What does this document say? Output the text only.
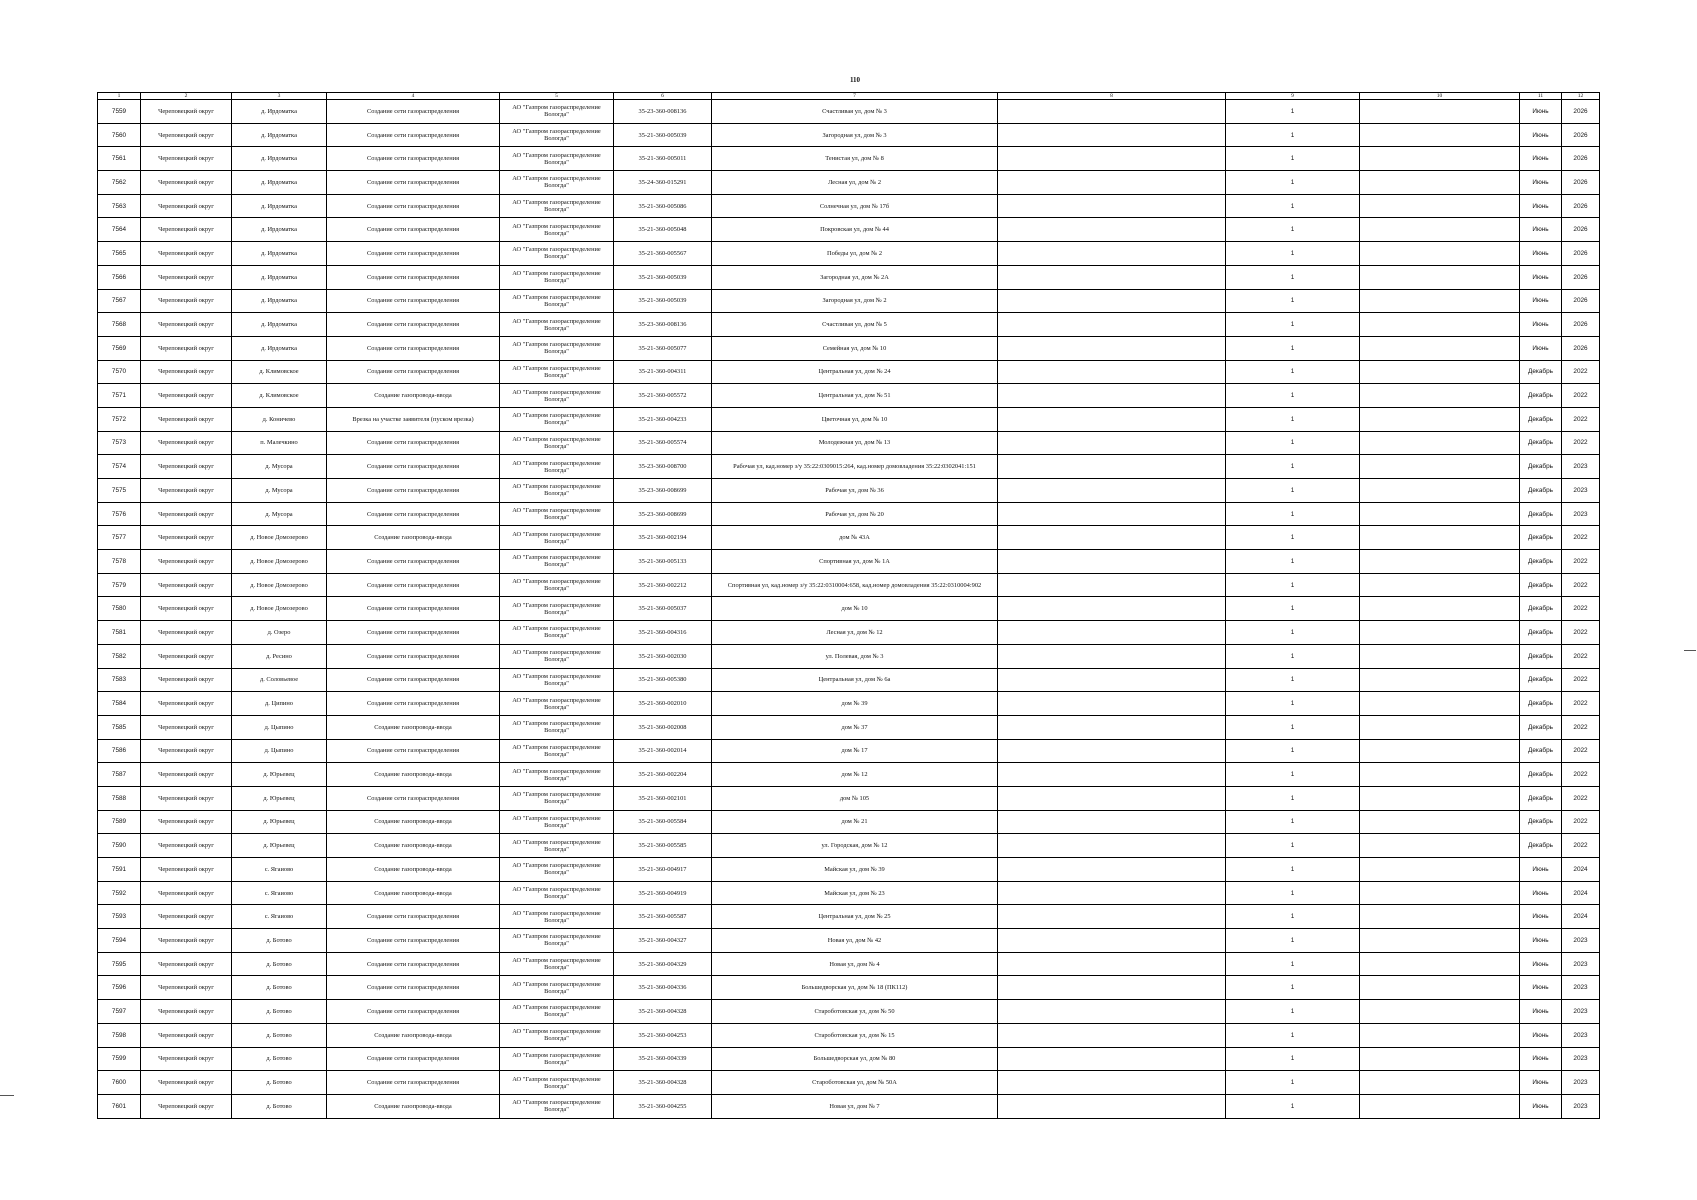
110
1	2	3	4	5	6	7	8	9	10	11	12
7559	Череповецкий округ	д. Ирдоматка	Создание сети газораспределения	АО "Газпром газораспределение Вологда"	35-23-360-008136	Счастливая ул, дом № 3		1		Июнь	2026
7560	Череповецкий округ	д. Ирдоматка	Создание сети газораспределения	АО "Газпром газораспределение Вологда"	35-21-360-005039	Загородная ул, дом № 3		1		Июнь	2026
7561	Череповецкий округ	д. Ирдоматка	Создание сети газораспределения	АО "Газпром газораспределение Вологда"	35-21-360-005011	Тенистая ул, дом № 8		1		Июнь	2026
7562	Череповецкий округ	д. Ирдоматка	Создание сети газораспределения	АО "Газпром газораспределение Вологда"	35-24-360-015291	Лесная ул, дом № 2		1		Июнь	2026
7563	Череповецкий округ	д. Ирдоматка	Создание сети газораспределения	АО "Газпром газораспределение Вологда"	35-21-360-005086	Солнечная ул, дом № 17б		1		Июнь	2026
7564	Череповецкий округ	д. Ирдоматка	Создание сети газораспределения	АО "Газпром газораспределение Вологда"	35-21-360-005048	Покровская ул, дом № 44		1		Июнь	2026
7565	Череповецкий округ	д. Ирдоматка	Создание сети газораспределения	АО "Газпром газораспределение Вологда"	35-21-360-005567	Победы ул, дом № 2		1		Июнь	2026
7566	Череповецкий округ	д. Ирдоматка	Создание сети газораспределения	АО "Газпром газораспределение Вологда"	35-21-360-005039	Загородная ул, дом № 2А		1		Июнь	2026
7567	Череповецкий округ	д. Ирдоматка	Создание сети газораспределения	АО "Газпром газораспределение Вологда"	35-21-360-005039	Загородная ул, дом № 2		1		Июнь	2026
7568	Череповецкий округ	д. Ирдоматка	Создание сети газораспределения	АО "Газпром газораспределение Вологда"	35-23-360-008136	Счастливая ул, дом № 5		1		Июнь	2026
7569	Череповецкий округ	д. Ирдоматка	Создание сети газораспределения	АО "Газпром газораспределение Вологда"	35-21-360-005077	Семейная ул, дом № 10		1		Июнь	2026
7570	Череповецкий округ	д. Климовское	Создание сети газораспределения	АО "Газпром газораспределение Вологда"	35-21-360-004311	Центральная ул, дом № 24		1		Декабрь	2022
7571	Череповецкий округ	д. Климовское	Создание газопровода-ввода	АО "Газпром газораспределение Вологда"	35-21-360-005572	Центральная ул, дом № 51		1		Декабрь	2022
7572	Череповецкий округ	д. Коничево	Врезка на участке заявителя (пуском врезка)	АО "Газпром газораспределение Вологда"	35-21-360-004233	Цветочная ул, дом № 10		1		Декабрь	2022
7573	Череповецкий округ	п. Малечкино	Создание сети газораспределения	АО "Газпром газораспределение Вологда"	35-21-360-005574	Молодежная ул, дом № 13		1		Декабрь	2022
7574	Череповецкий округ	д. Мусора	Создание сети газораспределения	АО "Газпром газораспределение Вологда"	35-23-360-008700	Рабочая ул, кад.номер з/у 35:22:0309015:264, кад.номер домовладения 35:22:0302041:151		1		Декабрь	2023
7575	Череповецкий округ	д. Мусора	Создание сети газораспределения	АО "Газпром газораспределение Вологда"	35-23-360-008699	Рабочая ул, дом № 36		1		Декабрь	2023
7576	Череповецкий округ	д. Мусора	Создание сети газораспределения	АО "Газпром газораспределение Вологда"	35-23-360-008699	Рабочая ул, дом № 20		1		Декабрь	2023
7577	Череповецкий округ	д. Новое Домозерово	Создание газопровода-ввода	АО "Газпром газораспределение Вологда"	35-21-360-002194	дом № 43А		1		Декабрь	2022
7578	Череповецкий округ	д. Новое Домозерово	Создание сети газораспределения	АО "Газпром газораспределение Вологда"	35-21-360-005133	Спортивная ул, дом № 1А		1		Декабрь	2022
7579	Череповецкий округ	д. Новое Домозерово	Создание сети газораспределения	АО "Газпром газораспределение Вологда"	35-21-360-002212	Спортивная ул, кад.номер з/у 35:22:0310004:658, кад.номер домовладения 35:22:0310004:902		1		Декабрь	2022
7580	Череповецкий округ	д. Новое Домозерово	Создание сети газораспределения	АО "Газпром газораспределение Вологда"	35-21-360-005037	дом № 10		1		Декабрь	2022
7581	Череповецкий округ	д. Озеро	Создание сети газораспределения	АО "Газпром газораспределение Вологда"	35-21-360-004316	Лесная ул, дом № 12		1		Декабрь	2022
7582	Череповецкий округ	д. Ресино	Создание сети газораспределения	АО "Газпром газораспределение Вологда"	35-21-360-002030	ул. Полевая, дом № 3		1		Декабрь	2022
7583	Череповецкий округ	д. Соловьевое	Создание сети газораспределения	АО "Газпром газораспределение Вологда"	35-21-360-005380	Центральная ул, дом № 6а		1		Декабрь	2022
7584	Череповецкий округ	д. Ципино	Создание сети газораспределения	АО "Газпром газораспределение Вологда"	35-21-360-002010	дом № 39		1		Декабрь	2022
7585	Череповецкий округ	д. Цыпино	Создание газопровода-ввода	АО "Газпром газораспределение Вологда"	35-21-360-002008	дом № 37		1		Декабрь	2022
7586	Череповецкий округ	д. Цыпино	Создание сети газораспределения	АО "Газпром газораспределение Вологда"	35-21-360-002014	дом № 17		1		Декабрь	2022
7587	Череповецкий округ	д. Юрьевец	Создание газопровода-ввода	АО "Газпром газораспределение Вологда"	35-21-360-002204	дом № 12		1		Декабрь	2022
7588	Череповецкий округ	д. Юрьевец	Создание сети газораспределения	АО "Газпром газораспределение Вологда"	35-21-360-002101	дом № 105		1		Декабрь	2022
7589	Череповецкий округ	д. Юрьевец	Создание газопровода-ввода	АО "Газпром газораспределение Вологда"	35-21-360-005584	дом № 21		1		Декабрь	2022
7590	Череповецкий округ	д. Юрьевец	Создание газопровода-ввода	АО "Газпром газораспределение Вологда"	35-21-360-005585	ул. Городская, дом № 12		1		Декабрь	2022
7591	Череповецкий округ	с. Ягаиово	Создание газопровода-ввода	АО "Газпром газораспределение Вологда"	35-21-360-004917	Майская ул, дом № 39		1		Июнь	2024
7592	Череповецкий округ	с. Ягаиово	Создание газопровода-ввода	АО "Газпром газораспределение Вологда"	35-21-360-004919	Майская ул, дом № 23		1		Июнь	2024
7593	Череповецкий округ	с. Ягаиово	Создание сети газораспределения	АО "Газпром газораспределение Вологда"	35-21-360-005587	Центральная ул, дом № 25		1		Июнь	2024
7594	Череповецкий округ	д. Ботово	Создание сети газораспределения	АО "Газпром газораспределение Вологда"	35-21-360-004327	Новая ул, дом № 42		1		Июнь	2023
7595	Череповецкий округ	д. Ботово	Создание сети газораспределения	АО "Газпром газораспределение Вологда"	35-21-360-004329	Новая ул, дом № 4		1		Июнь	2023
7596	Череповецкий округ	д. Ботово	Создание сети газораспределения	АО "Газпром газораспределение Вологда"	35-21-360-004336	Большедворская ул, дом № 18 (ПК112)		1		Июнь	2023
7597	Череповецкий округ	д. Ботово	Создание сети газораспределения	АО "Газпром газораспределение Вологда"	35-21-360-004328	Староботовская ул, дом № 50		1		Июнь	2023
7598	Череповецкий округ	д. Ботово	Создание газопровода-ввода	АО "Газпром газораспределение Вологда"	35-21-360-004253	Староботовская ул, дом № 15		1		Июнь	2023
7599	Череповецкий округ	д. Ботово	Создание сети газораспределения	АО "Газпром газораспределение Вологда"	35-21-360-004339	Большедворская ул, дом № 80		1		Июнь	2023
7600	Череповецкий округ	д. Ботово	Создание сети газораспределения	АО "Газпром газораспределение Вологда"	35-21-360-004328	Староботовская ул, дом № 50А		1		Июнь	2023
7601	Череповецкий округ	д. Ботово	Создание газопровода-ввода	АО "Газпром газораспределение Вологда"	35-21-360-004255	Новая ул, дом № 7		1		Июнь	2023
